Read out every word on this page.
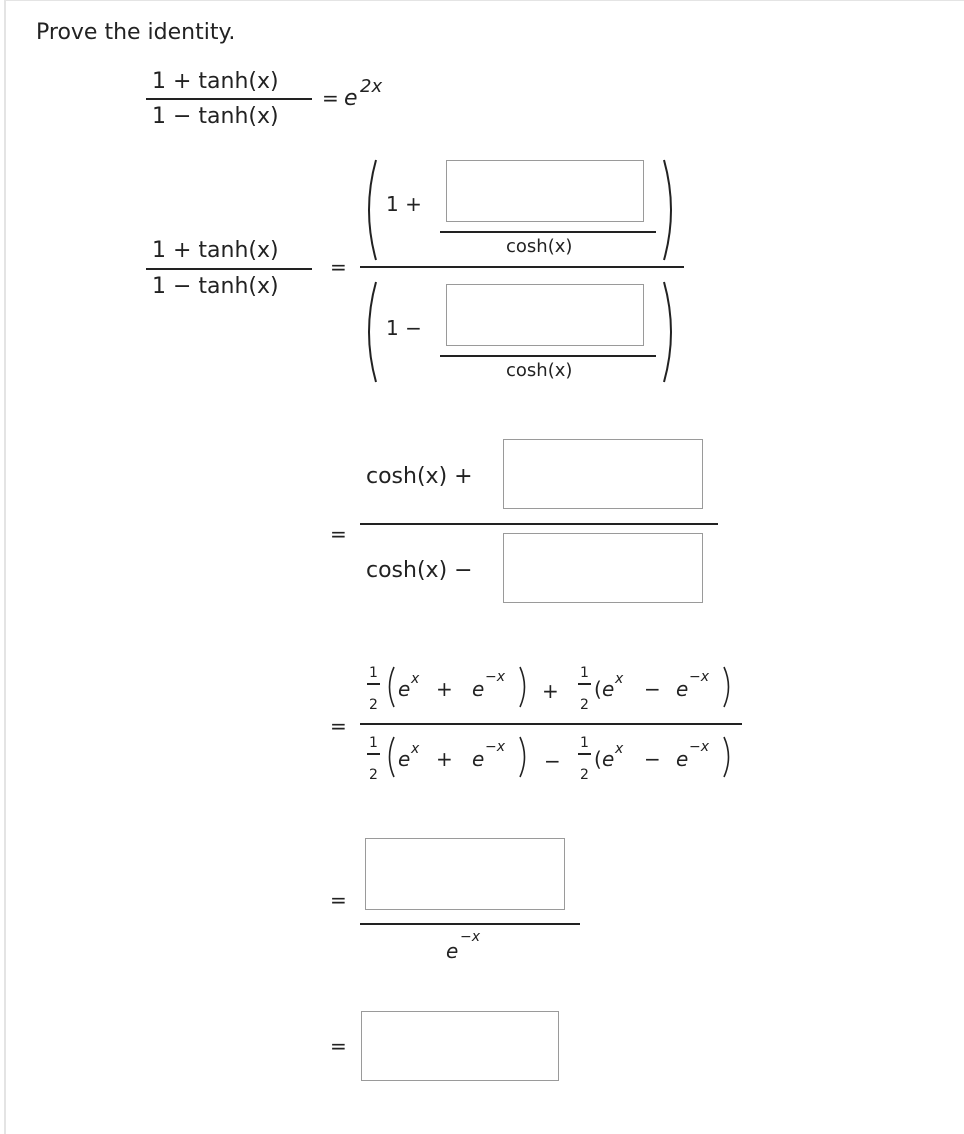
Prove the identity.
1 + tanh(x)
1 − tanh(x)
= e 2x
1 + tanh(x)
1 − tanh(x)
=
1 +
cosh(x)
1 −
cosh(x)
=
cosh(x) +
cosh(x) −
=
1
2
e x + e −x
+
1
2
( e x − e −x
1
2
e x + e −x
−
1
2
( e x − e −x
=
e
−x
=
